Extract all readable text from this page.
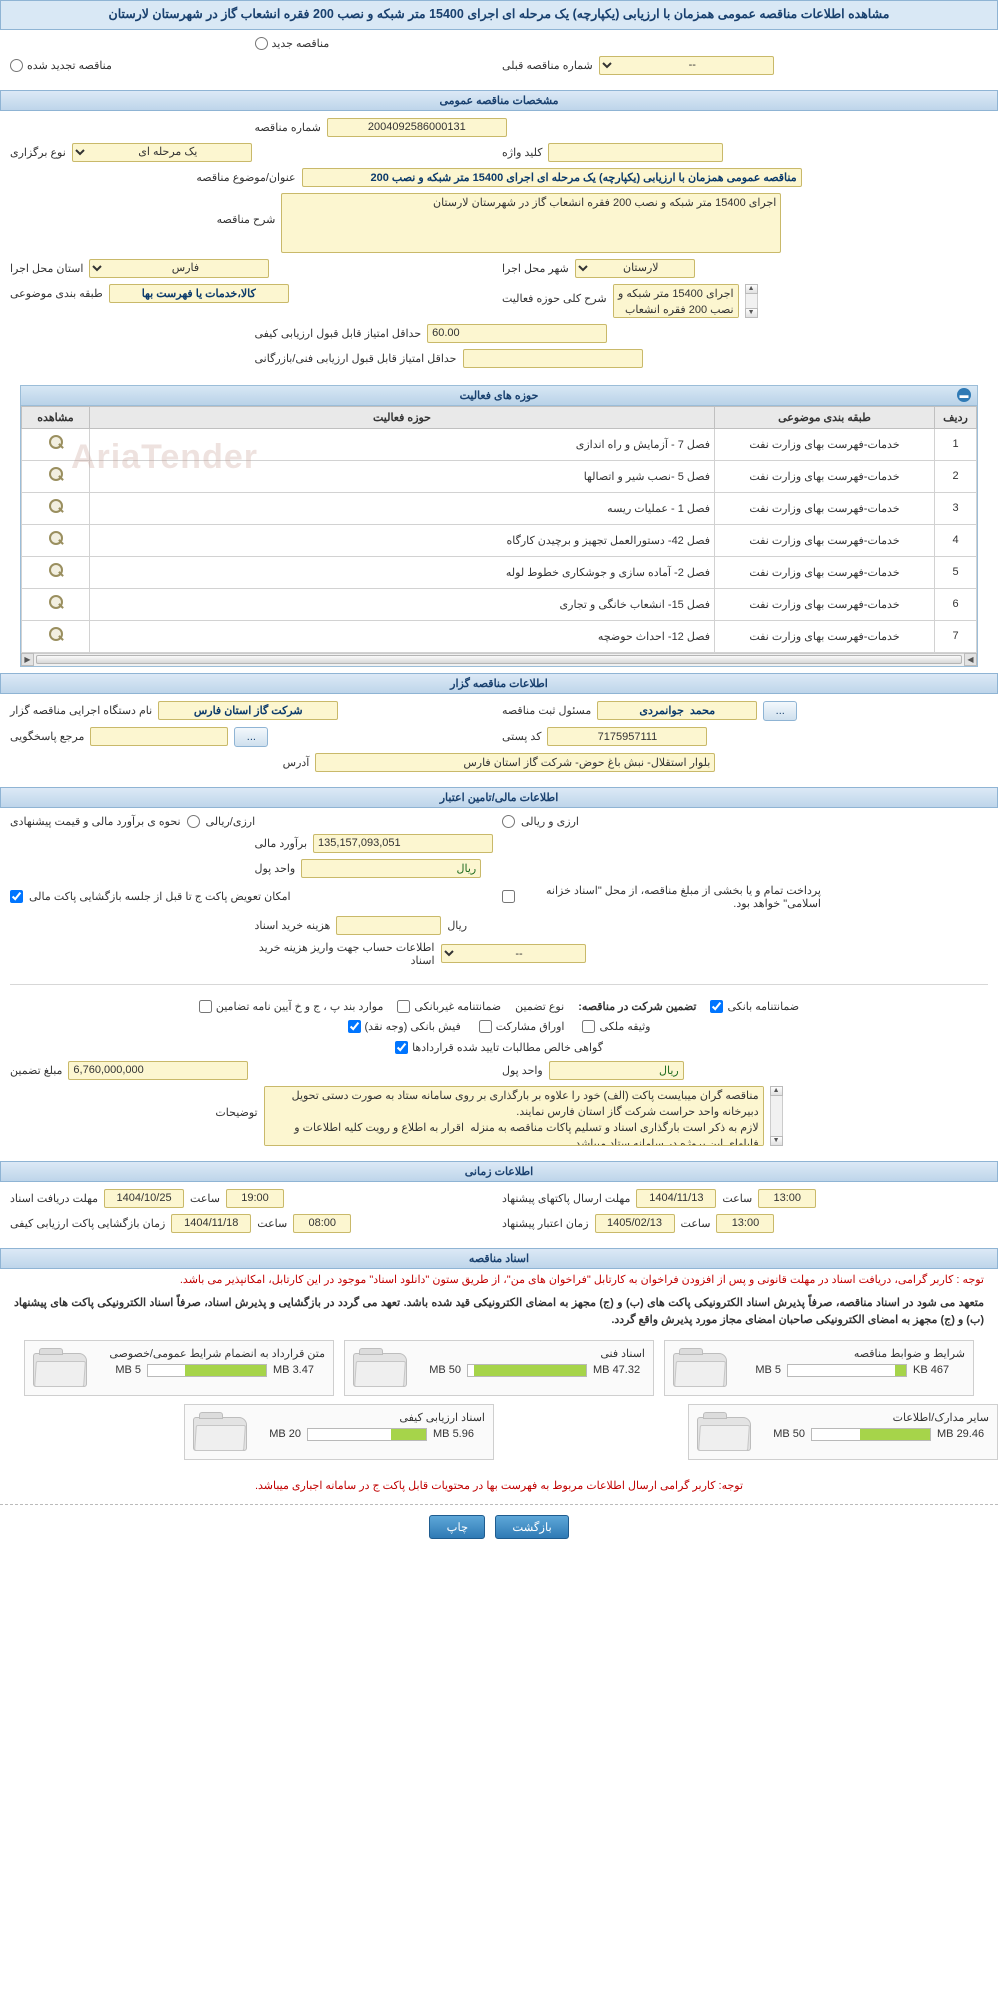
مشاهده اطلاعات مناقصه عمومی همزمان با ارزیابی (یکپارچه) یک مرحله ای اجرای 15400 متر شبکه و نصب 200 فقره انشعاب گاز در شهرستان لارستان
مناقصه جدید
--
شماره مناقصه قبلی
مناقصه تجدید شده
مشخصات مناقصه عمومی
2004092586000131
شماره مناقصه
کلید واژه
یک مرحله ای
نوع برگزاری
مناقصه عمومی همزمان با ارزیابی (یکپارچه) یک مرحله ای اجرای 15400 متر شبکه و نصب 200
عنوان/موضوع مناقصه
اجرای 15400 متر شبکه و نصب 200 فقره انشعاب گاز در شهرستان لارستان
شرح مناقصه
لارستان
شهر محل اجرا
فارس
استان محل اجرا
▲
▼
اجرای 15400 متر شبکه و نصب 200 فقره انشعاب گاز
شرح کلی حوزه فعالیت
کالا،خدمات یا فهرست بها
طبقه بندی موضوعی
60.00
حداقل امتیاز قابل قبول ارزیابی کیفی
حداقل امتیاز قابل قبول ارزیابی فنی/بازرگانی
▬
حوزه های فعالیت
AriaTender
ردیف	طبقه بندی موضوعی	حوزه فعالیت	مشاهده
1	خدمات-فهرست بهای وزارت نفت	فصل 7 - آزمایش و راه اندازی	
2	خدمات-فهرست بهای وزارت نفت	فصل 5 -نصب شیر و اتصالها	
3	خدمات-فهرست بهای وزارت نفت	فصل 1 - عملیات ریسه	
4	خدمات-فهرست بهای وزارت نفت	فصل 42- دستورالعمل تجهیز و برچیدن کارگاه	
5	خدمات-فهرست بهای وزارت نفت	فصل 2- آماده سازی و جوشکاری خطوط لوله	
6	خدمات-فهرست بهای وزارت نفت	فصل 15- انشعاب خانگی و تجاری	
7	خدمات-فهرست بهای وزارت نفت	فصل 12- احداث حوضچه	
◀
▶
اطلاعات مناقصه گزار
...
محمد جوانمردی
مسئول ثبت مناقصه
شرکت گاز استان فارس
نام دستگاه اجرایی مناقصه گزار
7175957111
کد پستی
...
مرجع پاسخگویی
بلوار استقلال- نبش باغ حوض- شرکت گاز استان فارس
آدرس
اطلاعات مالی/تامین اعتبار
ارزی و ریالی
ارزی/ریالی
نحوه ی برآورد مالی و قیمت پیشنهادی
135,157,093,051
برآورد مالی
ریال
واحد پول
پرداخت تمام و یا بخشی از مبلغ مناقصه، از محل "اسناد خزانه اسلامی" خواهد بود.
امکان تعویض پاکت ج تا قبل از جلسه بازگشایی پاکت مالی
ریال
هزینه خرید اسناد
--
اطلاعات حساب جهت واریز هزینه خرید اسناد
ضمانتنامه بانکی
تضمین شرکت در مناقصه:
نوع تضمین
ضمانتنامه غیربانکی
موارد بند پ ، ج و خ آیین نامه تضامین
وثیقه ملکی
اوراق مشارکت
فیش بانکی (وجه نقد)
گواهی خالص مطالبات تایید شده قراردادها
ریال
واحد پول
6,760,000,000
مبلغ تضمین
▲
▼
مناقصه گران میبایست پاکت (الف) خود را علاوه بر بارگذاری بر روی سامانه ستاد به صورت دستی تحویل دبیرخانه واحد حراست شرکت گاز استان فارس نمایند. لازم به ذکر است بارگذاری اسناد و تسلیم پاکات مناقصه به منزله اقرار به اطلاع و رویت کلیه اطلاعات و فایلهای این پروژه در سامانه ستاد میباشد.
توضیحات
اطلاعات زمانی
13:00
ساعت
1404/11/13
مهلت ارسال پاکتهای پیشنهاد
19:00
ساعت
1404/10/25
مهلت دریافت اسناد
13:00
ساعت
1405/02/13
زمان اعتبار پیشنهاد
08:00
ساعت
1404/11/18
زمان بازگشایی پاکت ارزیابی کیفی
اسناد مناقصه
توجه : کاربر گرامی، دریافت اسناد در مهلت قانونی و پس از افزودن فراخوان به کارتابل "فراخوان های من"، از طریق ستون "دانلود اسناد" موجود در این کارتابل، امکانپذیر می باشد.
متعهد می شود در اسناد مناقصه، صرفاً پذیرش اسناد الکترونیکی پاکت های (ب) و (ج) مجهز به امضای الکترونیکی قید شده باشد. تعهد می گردد در بازگشایی و پذیرش اسناد، صرفاً اسناد الکترونیکی پاکت های پیشنهاد (ب) و (ج) مجهز به امضای الکترونیکی صاحبان امضای مجاز مورد پذیرش واقع گردد.
شرایط و ضوابط مناقصه
5 MB	467 KB
اسناد فنی
50 MB	47.32 MB
متن قرارداد به انضمام شرایط عمومی/خصوصی
5 MB	3.47 MB
سایر مدارک/اطلاعات
50 MB	29.46 MB
اسناد ارزیابی کیفی
20 MB	5.96 MB
توجه: کاربر گرامی ارسال اطلاعات مربوط به فهرست بها در محتویات قابل پاکت ج در سامانه اجباری میباشد.
بازگشت
چاپ
